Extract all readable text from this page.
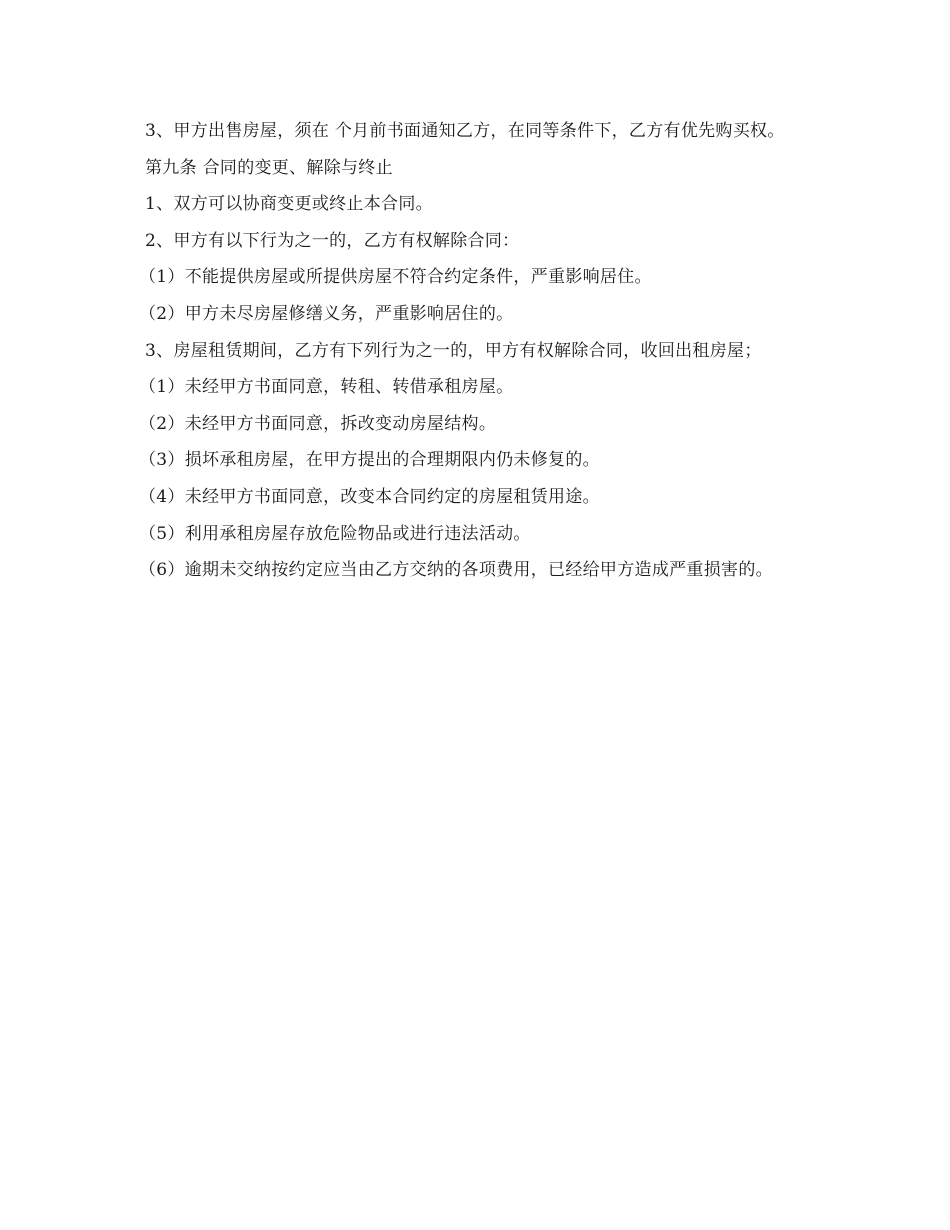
3、甲方出售房屋，须在 个月前书面通知乙方，在同等条件下，乙方有优先购买权。

第九条 合同的变更、解除与终止

1、双方可以协商变更或终止本合同。

2、甲方有以下行为之一的，乙方有权解除合同：

（1）不能提供房屋或所提供房屋不符合约定条件，严重影响居住。

（2）甲方未尽房屋修缮义务，严重影响居住的。

3、房屋租赁期间，乙方有下列行为之一的，甲方有权解除合同，收回出租房屋；

（1）未经甲方书面同意，转租、转借承租房屋。

（2）未经甲方书面同意，拆改变动房屋结构。

（3）损坏承租房屋，在甲方提出的合理期限内仍未修复的。

（4）未经甲方书面同意，改变本合同约定的房屋租赁用途。

（5）利用承租房屋存放危险物品或进行违法活动。

（6）逾期未交纳按约定应当由乙方交纳的各项费用，已经给甲方造成严重损害的。
